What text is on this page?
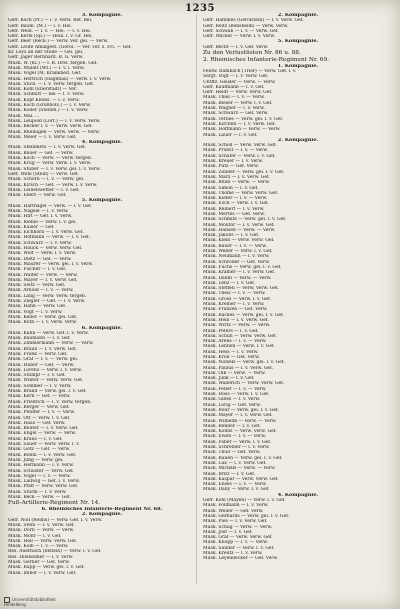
1235
3. Kompagnie.
Gefr. Koch (Pf.) — l. v. Verw. Ref. Bei.
Gefr. Baum. (M.) — l. v. Hei.
Gefr. Weid. — l. v. — Hei. — l. v. Hei.
Gefr. Kerle (Sp.) — Hein. l. v. Gr. Hei.
Gefr. Beer (Beck-) — Verw. Ver. gei. — Verw.
Gefr. Leute Amalgest. (Gerol. — Ver. ver. s. Fri. — Gef.
Kr. Leys an der Stelle — Gei. gei.
Gefr. Jäger Bernhard. B. G. Verw.
Musk. W. (Kl.) — l. B. Drei. tergeb. Gef.
Musk. Müller (Wt.) — l. v. l. Verw.
Musk. Vogel (M. Krankheit. Gef.
Musk. Hertrich (Hagenau) — Verw. l. v. Verw.
Musk. Stich. — l. v. Verw. tergeb. Gef.
Musk. Kohl (Eberstadt) — Ver.
Musk. Schmitt — bei — l. v. Verw.
Musk. Kopf Kleins. — l. v. Verw.
Musk. Koch (Großbolz.) — l. v. Verw.
Musk. Koller (Steinm.) — l. v. Verw.
Musk. Mai. ...
Musk. Leupold (Lörr.) — l. v. Verw. Verw.
Musk. Becker l. v. — Verw. Verw. Gef.
Musk. Rheinigen — Verw. Verw. — Verw.
Musk. Meier — l. v. Verw. Gef.
4. Kompagnie.
Musk. Steinmetz — l. v. Verw. Gef.
Musk. Bauer — Gef. — Verw.
Musk. Koch — Verw. — Verw. tergeb.
Musk. Krug — Verw. Verw. l. v. Verw.
Musk. Stuber — l. v. Verw. gei. l. v. Verw.
Gefr. Wahl (Stein) — Verw. Gef.
Musk. Schorn — l. v. — Verw. gei.
Musk. Kirsch — Gef. — Verw. l. v. Verw.
Musk. Leinenwetter — l. v. Gef.
Musk. Ebert — Verw. Gef.
5. Kompagnie.
Musk. Hartnagel — Verw. — l. v. Gef.
Musk. Nägele — l. v. Verw.
Musk. Hirt — Gef. l. v. Verw.
Musk. Riehle — Verw. l. v. gei.
Musk. Kaiser — Gef.
Musk. Eichhorn — l. v. Verw. Gef.
Musk. Hofmann — Verw. — l. v. Gef.
Musk. Schwarz — l. v. Verw.
Musk. Hauck — Verw. Verw. Gef.
Musk. Wolf — Verw. l. v. Verw.
Musk. Dietz — Gef. — Verw.
Musk. Maurer — Verw. gei. l. v. Verw.
Musk. Fischer — l. v. Gef.
Musk. Walter — Verw. — Verw.
Musk. Mayer — l. v. Verw. Gef.
Musk. Seitz — Verw. Gef.
Musk. Arnold — l. v. — Verw.
Musk. Lang — Verw. Verw. tergeb.
Musk. Ziegler — Gef. — l. v. Verw.
Musk. Hahn — Verw. Gef.
Musk. Vogt — l. v. Verw.
Musk. Keller — Verw. gei. Gef.
Musk. Roth — l. v. Verw. Verw.
6. Kompagnie.
Musk. Kuhn — Verw. Gef. l. v. Verw.
Musk. Baumann — l. v. Gef.
Musk. Zimmermann — Verw. — Verw.
Musk. Braun — l. v. Verw. Gef.
Musk. Frank — Verw. Gef.
Musk. Graf — l. v. — Verw. gei.
Musk. Huber — Gef. — Verw.
Musk. Lorenz — Verw. l. v. Verw.
Musk. Stumpf — l. v. Gef.
Musk. Winter — Verw. Verw. Gef.
Musk. Sommer — l. v. Verw.
Musk. Brand — Verw. gei. l. v. Gef.
Musk. Kern — Gef. — Verw.
Musk. Friedrich — l. v. Verw. tergeb.
Musk. Berger — Verw. Gef.
Musk. Pfeiffer — l. v. — Verw.
Musk. Ott — Verw. l. v. Gef.
Musk. Haas — Gef. Verw.
Musk. Reuter — l. v. Verw. Gef.
Musk. Engel — Verw. — Verw.
Musk. Kraus — l. v. Gef.
Musk. Sauer — Verw. Verw. l. v.
Musk. Götz — Gef. — Verw.
Musk. Böhm — l. v. Verw. Gef.
Musk. Jung — Verw. gei.
Musk. Hermann — l. v. Verw.
Musk. Schuster — Verw. Gef.
Musk. Vogel — l. v. — Verw.
Musk. Ludwig — Gef. l. v. Verw.
Musk. Pfaff — Verw. Verw. Gef.
Musk. Sturm — l. v. Verw.
Musk. Beck — Verw. — Gef.
Fuß-Artillerie-Regiment Nr. 14.
6. Rheinisches Infanterie-Regiment Nr. 68.
2. Kompagnie.
Gefr. Noll (Reims) — Verw. Gef. l. v. Verw.
Musk. Stein — l. v. Verw. Gef.
Musk. Dorn — Verw. — Verw.
Musk. Mohr — l. v. Gef.
Musk. Heil — Verw. Verw. Gef.
Musk. Kolb — l. v. — Verw.
Res. Auerbach (Idstein) — Verw. l. v. Gef.
Res. Hilsheimer — l. v. Verw.
Musk. Gerber — Gef. Verw.
Musk. Rapp — Verw. gei. l. v. Gef.
Musk. Imhof — l. v. Verw. Gef.
2. Kompagnie.
Gefr. Hammes (Gerolstein) — l. v. Verw. Gef.
Gefr. Reitz (Bensheim) — Verw. Verw.
Gefr. Schwab — l. v. — Verw. Gef.
Gefr. Wacker — Verw. l. v. Verw.
5. Kompagnie.
Gefr. Becht — l. v. Gef. Verw.
Zu den Verlustlisten Nr. 86 u. 88.
2. Rheinisches Infanterie-Regiment Nr. 69.
1. Kompagnie.
Feldw. Rambach (Trier) — Verw. Gef. l. v.
Sergt. Vogt — l. v. Verw. Gef.
Untffz. Geisler — Verw. — Verw.
Gefr. Kaufmann — l. v. Gef.
Gefr. Heidt — Verw. Verw. Gef.
Musk. Thiel — l. v. — Verw.
Musk. Bleser — Verw. l. v. Gef.
Musk. Wagner — l. v. Verw.
Musk. Schwarz — Gef. Verw.
Musk. Ternes — Verw. gei. l. v. Gef.
Musk. Kirchen — l. v. Verw. Gef.
Musk. Hoffmann — Verw. — Verw.
Musk. Lauer — l. v. Gef.
2. Kompagnie.
Musk. Scholl — Verw. Verw. Gef.
Musk. Probst — l. v. — Verw.
Musk. Schäfer — Verw. l. v. Gef.
Musk. Breuer — l. v. Verw.
Musk. Pütz — Gef. Verw.
Musk. Zender — Verw. gei. l. v. Gef.
Musk. Marx — l. v. Verw. Gef.
Musk. Blum — Verw. — Verw.
Musk. Simon — l. v. Gef.
Musk. Thome — Verw. Verw. Gef.
Musk. Kiefer — l. v. — Verw.
Musk. Esch — Verw. l. v. Gef.
Musk. Reinert — l. v. Verw.
Musk. Mertes — Gef. Verw.
Musk. Schmitz — Verw. gei. l. v. Gef.
Musk. Molitor — l. v. Verw. Gef.
Musk. Hansen — Verw. — Verw.
Musk. Jakobs — l. v. Gef.
Musk. Klein — Verw. Verw. Gef.
Musk. Bauer — l. v. — Verw.
Musk. Weber — Verw. l. v. Gef.
Musk. Neumann — l. v. Verw.
Musk. Schröder — Gef. Verw.
Musk. Fuchs — Verw. gei. l. v. Gef.
Musk. Krämer — l. v. Verw. Gef.
Musk. Dahm — Verw. — Verw.
Musk. Lenz — l. v. Gef.
Musk. Steffen — Verw. Verw. Gef.
Musk. Theis — l. v. — Verw.
Musk. Gross — Verw. l. v. Gef.
Musk. Kremer — l. v. Verw.
Musk. Franzen — Gef. Verw.
Musk. Backes — Verw. gei. l. v. Gef.
Musk. Hein — l. v. Verw. Gef.
Musk. Wirtz — Verw. — Verw.
Musk. Peters — l. v. Gef.
Musk. Schuh — Verw. Verw. Gef.
Musk. Arens — l. v. — Verw.
Musk. Lehnen — Verw. l. v. Gef.
Musk. Hess — l. v. Verw.
Musk. Kroll — Gef. Verw.
Musk. Nickels — Verw. gei. l. v. Gef.
Musk. Paulus — l. v. Verw. Gef.
Musk. Olk — Verw. — Verw.
Musk. Junk — l. v. Gef.
Musk. Wallerich — Verw. Verw. Gef.
Musk. Feller — l. v. — Verw.
Musk. Hoss — Verw. l. v. Gef.
Musk. Gilles — l. v. Verw.
Musk. Lorig — Gef. Verw.
Musk. Bour — Verw. gei. l. v. Gef.
Musk. Mayer — l. v. Verw. Gef.
Musk. Wilhelm — Verw. — Verw.
Musk. Bender — l. v. Gef.
Musk. Kohns — Verw. Verw. Gef.
Musk. Ewen — l. v. — Verw.
Musk. Faber — Verw. l. v. Gef.
Musk. Schreiner — l. v. Verw.
Musk. Thull — Gef. Verw.
Musk. Rauen — Verw. gei. l. v. Gef.
Musk. Lux — l. v. Verw. Gef.
Musk. Michels — Verw. — Verw.
Musk. Britz — l. v. Gef.
Musk. Kaspar — Verw. Verw. Gef.
Musk. Ehses — l. v. — Verw.
Musk. Dany — Verw. l. v. Gef.
4. Kompagnie.
Gefr. Kohl (Mayen) — Verw. l. v. Gef.
Musk. Follmann — l. v. Verw.
Musk. Weiler — Gef. Verw.
Musk. Gerhards — Verw. gei. l. v. Gef.
Musk. Pies — l. v. Verw. Gef.
Musk. Schug — Verw. — Verw.
Musk. Jost — l. v. Gef.
Musk. Gräf — Verw. Verw. Gef.
Musk. Knopp — l. v. — Verw.
Musk. Sünder — Verw. l. v. Gef.
Musk. Kreutz — l. v. Verw.
Musk. Leyendecker — Gef. Verw.
Universitätsbibliothek
Heidelberg
